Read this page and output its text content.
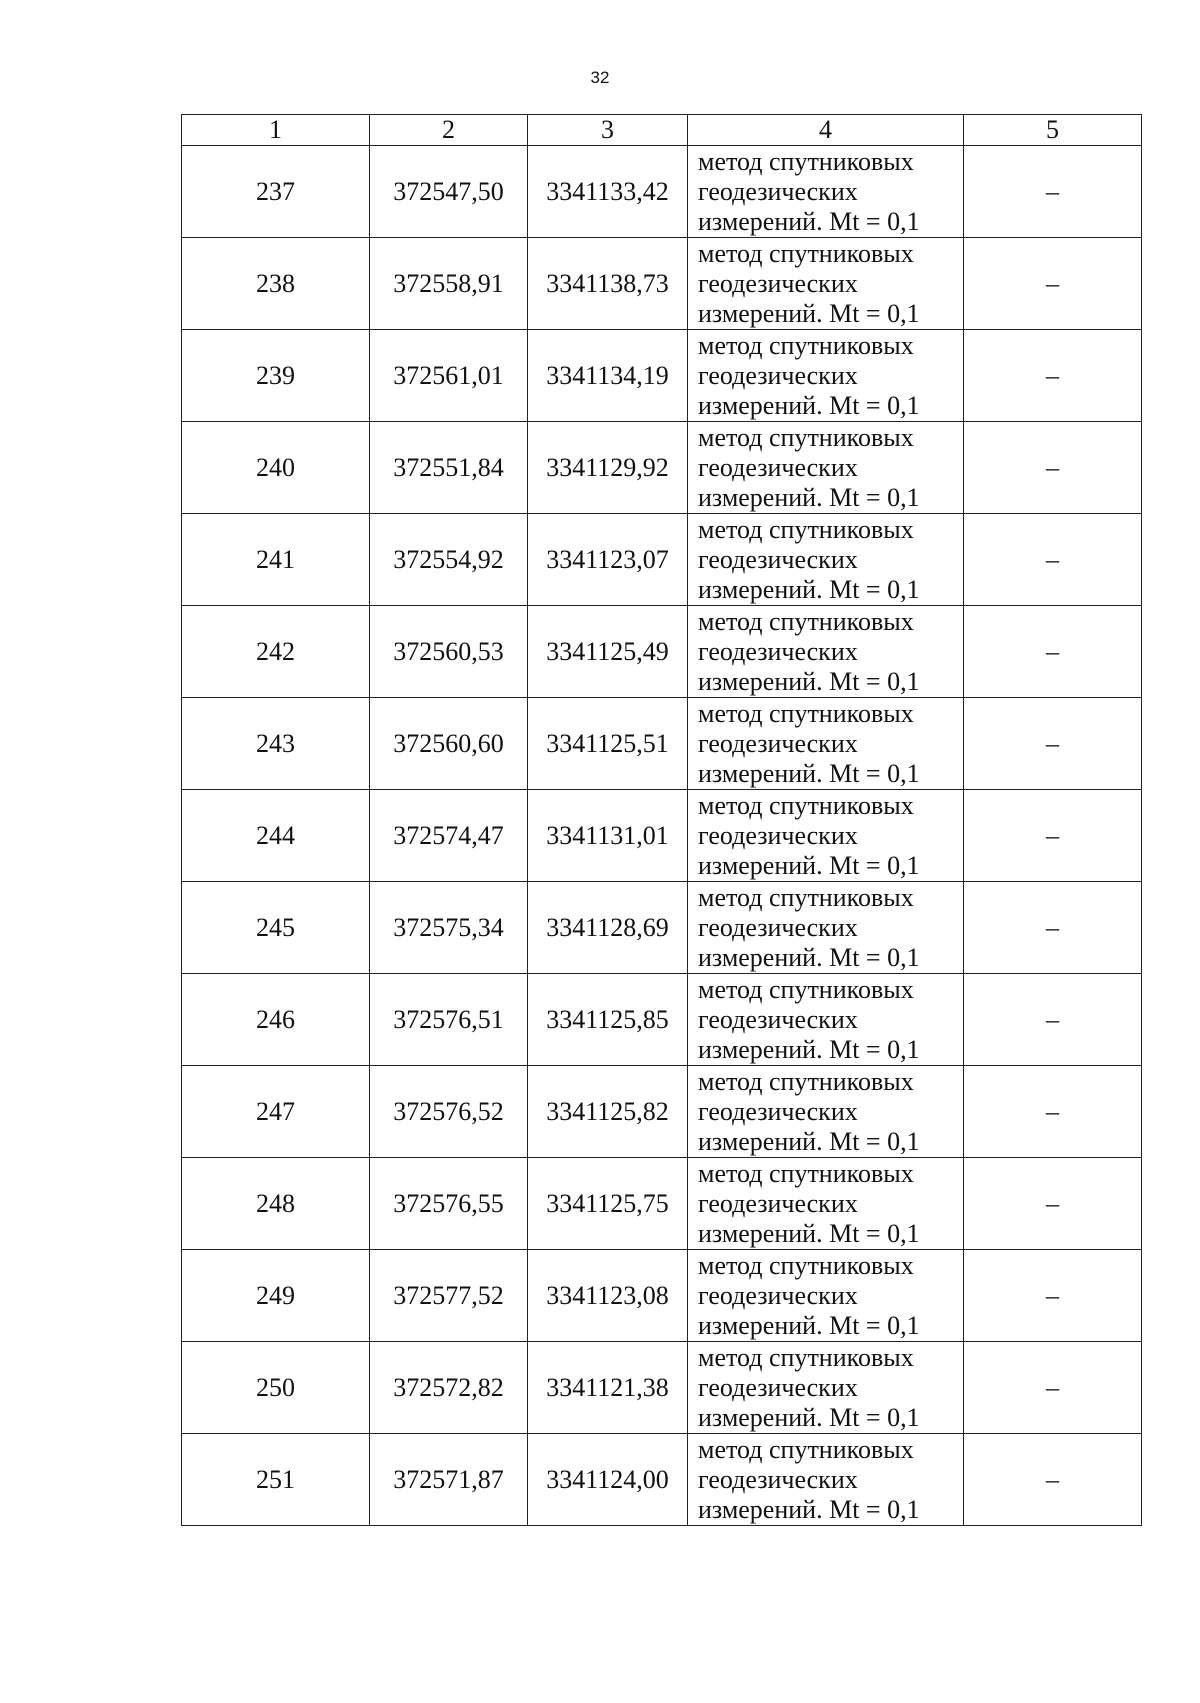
32
1	2	3	4	5
237	372547,50	3341133,42	метод спутниковых
геодезических
измерений. Mt = 0,1	–
238	372558,91	3341138,73	метод спутниковых
геодезических
измерений. Mt = 0,1	–
239	372561,01	3341134,19	метод спутниковых
геодезических
измерений. Mt = 0,1	–
240	372551,84	3341129,92	метод спутниковых
геодезических
измерений. Mt = 0,1	–
241	372554,92	3341123,07	метод спутниковых
геодезических
измерений. Mt = 0,1	–
242	372560,53	3341125,49	метод спутниковых
геодезических
измерений. Mt = 0,1	–
243	372560,60	3341125,51	метод спутниковых
геодезических
измерений. Mt = 0,1	–
244	372574,47	3341131,01	метод спутниковых
геодезических
измерений. Mt = 0,1	–
245	372575,34	3341128,69	метод спутниковых
геодезических
измерений. Mt = 0,1	–
246	372576,51	3341125,85	метод спутниковых
геодезических
измерений. Mt = 0,1	–
247	372576,52	3341125,82	метод спутниковых
геодезических
измерений. Mt = 0,1	–
248	372576,55	3341125,75	метод спутниковых
геодезических
измерений. Mt = 0,1	–
249	372577,52	3341123,08	метод спутниковых
геодезических
измерений. Mt = 0,1	–
250	372572,82	3341121,38	метод спутниковых
геодезических
измерений. Mt = 0,1	–
251	372571,87	3341124,00	метод спутниковых
геодезических
измерений. Mt = 0,1	–
